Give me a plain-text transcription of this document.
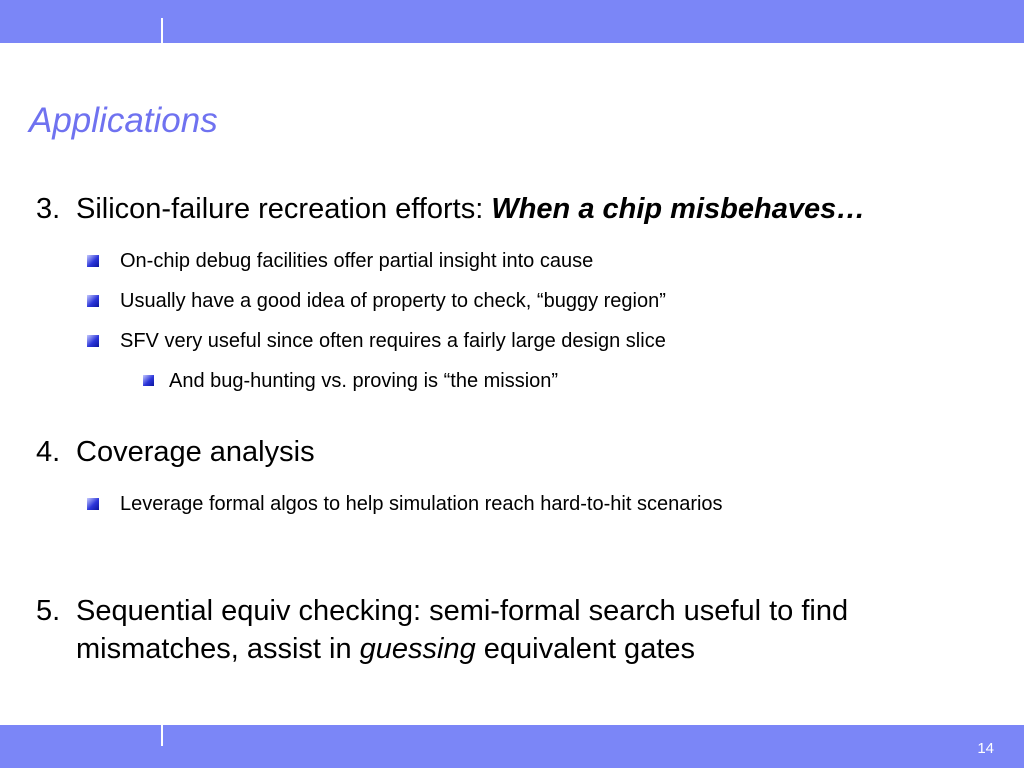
Applications
3. Silicon-failure recreation efforts: When a chip misbehaves…
On-chip debug facilities offer partial insight into cause
Usually have a good idea of property to check, “buggy region”
SFV very useful since often requires a fairly large design slice
And bug-hunting vs. proving is “the mission”
4. Coverage analysis
Leverage formal algos to help simulation reach hard-to-hit scenarios
5. Sequential equiv checking: semi-formal search useful to find
mismatches, assist in guessing equivalent gates
14
